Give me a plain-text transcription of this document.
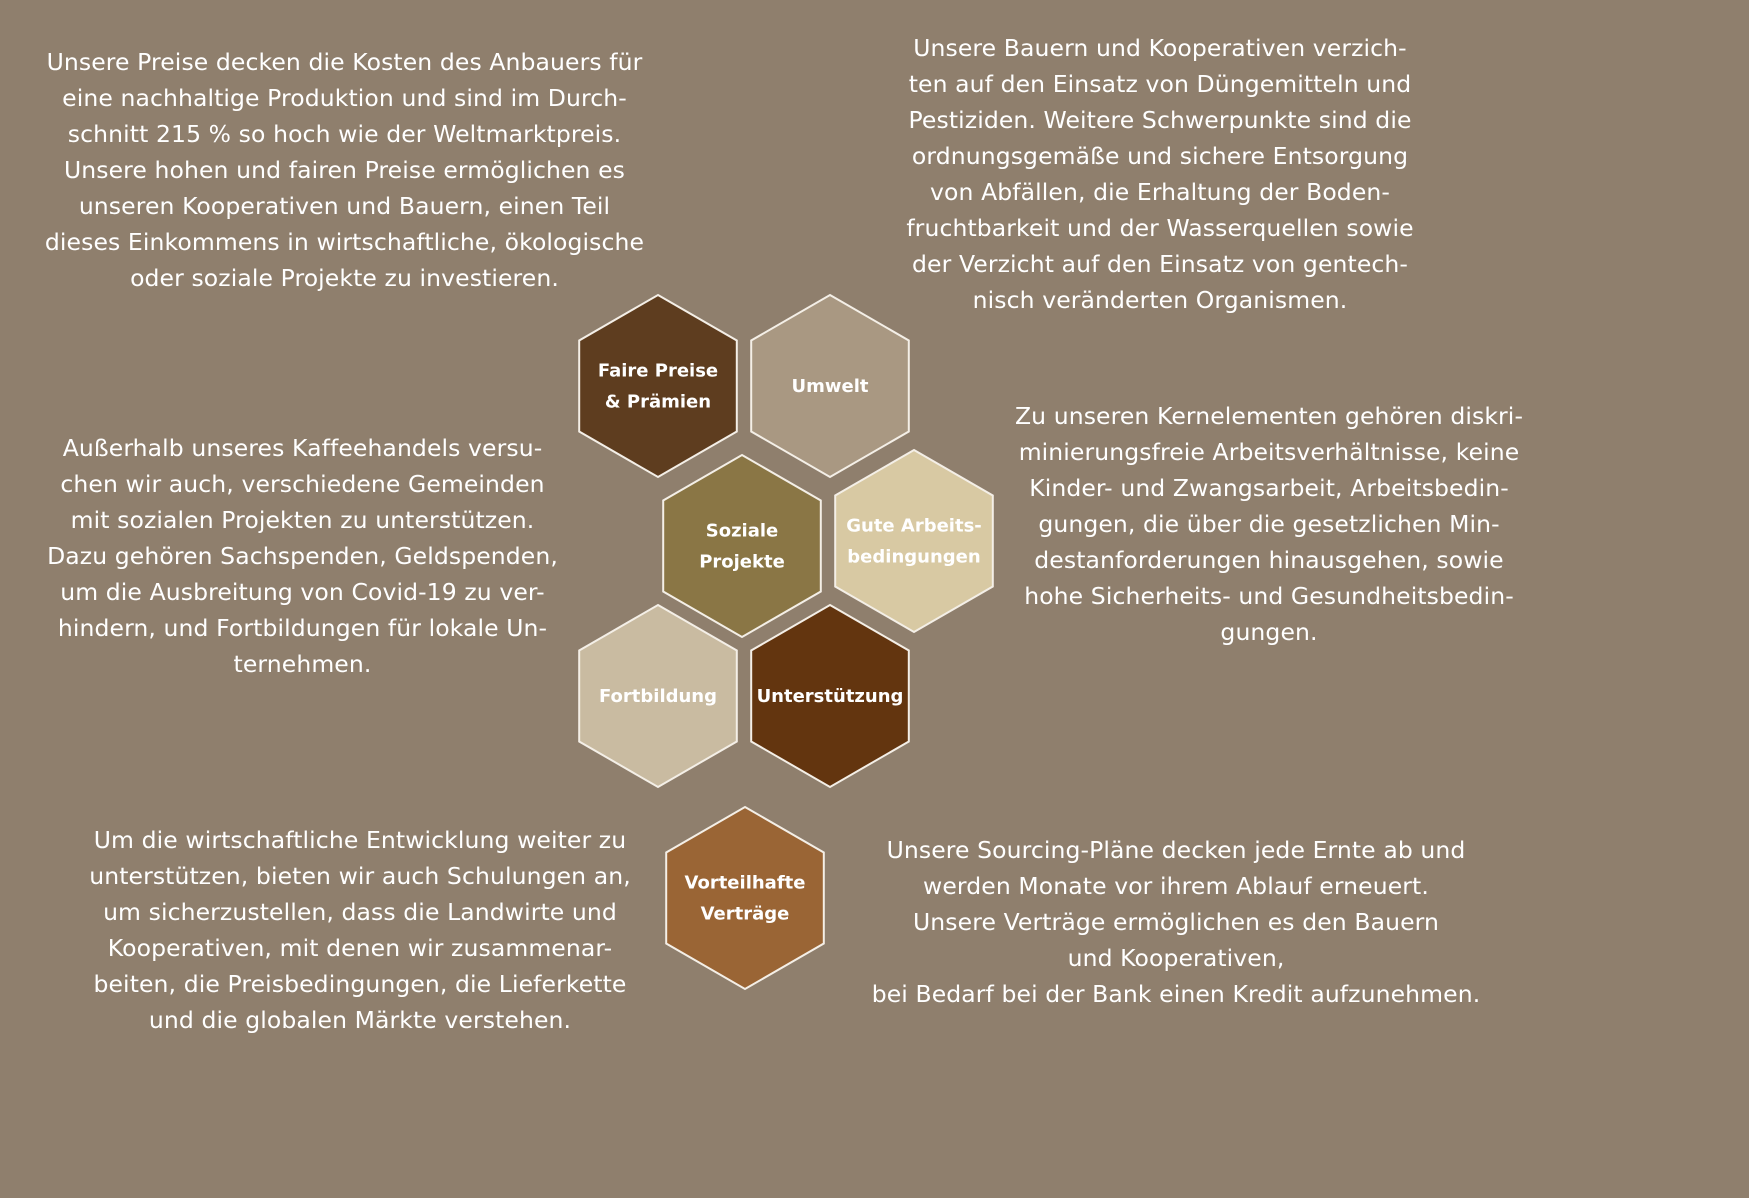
Unsere Preise decken die Kosten des Anbauers für
eine nachhaltige Produktion und sind im Durch-
schnitt 215 % so hoch wie der Weltmarktpreis.
Unsere hohen und fairen Preise ermöglichen es
unseren Kooperativen und Bauern, einen Teil
dieses Einkommens in wirtschaftliche, ökologische
oder soziale Projekte zu investieren.
Unsere Bauern und Kooperativen verzich-
ten auf den Einsatz von Düngemitteln und
Pestiziden. Weitere Schwerpunkte sind die
ordnungsgemäße und sichere Entsorgung
von Abfällen, die Erhaltung der Boden-
fruchtbarkeit und der Wasserquellen sowie
der Verzicht auf den Einsatz von gentech-
nisch veränderten Organismen.
Außerhalb unseres Kaffeehandels versu-
chen wir auch, verschiedene Gemeinden
mit sozialen Projekten zu unterstützen.
Dazu gehören Sachspenden, Geldspenden,
um die Ausbreitung von Covid-19 zu ver-
hindern, und Fortbildungen für lokale Un-
ternehmen.
Zu unseren Kernelementen gehören diskri-
minierungsfreie Arbeitsverhältnisse, keine
Kinder- und Zwangsarbeit, Arbeitsbedin-
gungen, die über die gesetzlichen Min-
destanforderungen hinausgehen, sowie
hohe Sicherheits- und Gesundheitsbedin-
gungen.
Um die wirtschaftliche Entwicklung weiter zu
unterstützen, bieten wir auch Schulungen an,
um sicherzustellen, dass die Landwirte und
Kooperativen, mit denen wir zusammenar-
beiten, die Preisbedingungen, die Lieferkette
und die globalen Märkte verstehen.
Unsere Sourcing-Pläne decken jede Ernte ab und
werden Monate vor ihrem Ablauf erneuert.
Unsere Verträge ermöglichen es den Bauern
und Kooperativen,
bei Bedarf bei der Bank einen Kredit aufzunehmen.
Faire Preise
& Prämien
Umwelt
Soziale
Projekte
Gute Arbeits-
bedingungen
Fortbildung Unterstützung
Vorteilhafte
Verträge
